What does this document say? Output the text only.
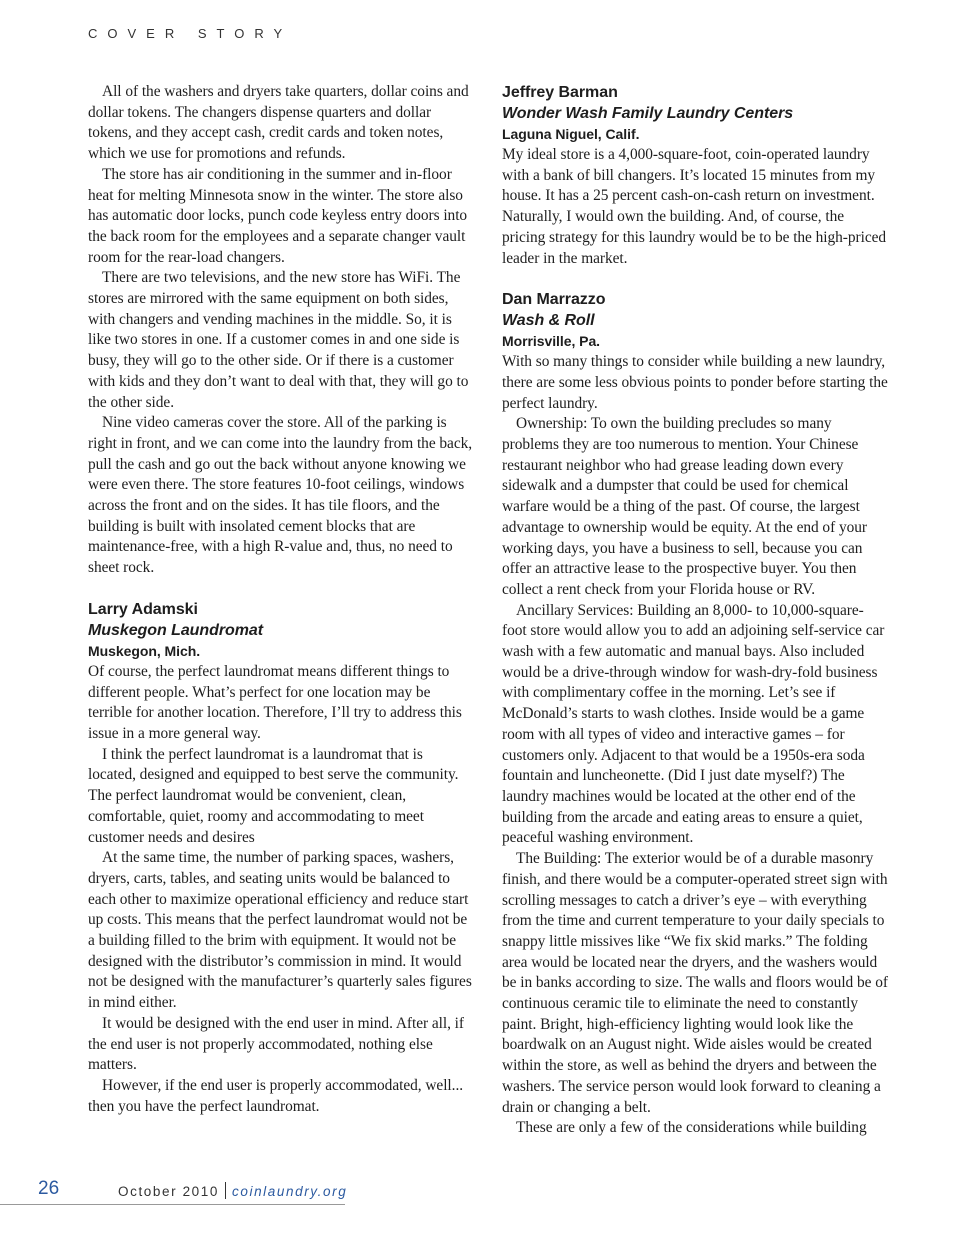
COVER STORY

All of the washers and dryers take quarters, dollar coins and dollar tokens. The changers dispense quarters and dollar tokens, and they accept cash, credit cards and token notes, which we use for promotions and refunds.

The store has air conditioning in the summer and in-floor heat for melting Minnesota snow in the winter. The store also has automatic door locks, punch code keyless entry doors into the back room for the employees and a separate changer vault room for the rear-load changers.

There are two televisions, and the new store has WiFi. The stores are mirrored with the same equipment on both sides, with changers and vending machines in the middle. So, it is like two stores in one. If a customer comes in and one side is busy, they will go to the other side. Or if there is a customer with kids and they don’t want to deal with that, they will go to the other side.

Nine video cameras cover the store. All of the parking is right in front, and we can come into the laundry from the back, pull the cash and go out the back without anyone knowing we were even there. The store features 10-foot ceilings, windows across the front and on the sides. It has tile floors, and the building is built with insolated cement blocks that are maintenance-free, with a high R-value and, thus, no need to sheet rock.

Larry Adamski
Muskegon Laundromat
Muskegon, Mich.

Of course, the perfect laundromat means different things to different people. What’s perfect for one location may be terrible for another location. Therefore, I’ll try to address this issue in a more general way.

I think the perfect laundromat is a laundromat that is located, designed and equipped to best serve the community. The perfect laundromat would be convenient, clean, comfortable, quiet, roomy and accommodating to meet customer needs and desires

At the same time, the number of parking spaces, washers, dryers, carts, tables, and seating units would be balanced to each other to maximize operational efficiency and reduce start up costs. This means that the perfect laundromat would not be a building filled to the brim with equipment. It would not be designed with the distributor’s commission in mind. It would not be designed with the manufacturer’s quarterly sales figures in mind either.

It would be designed with the end user in mind. After all, if the end user is not properly accommodated, nothing else matters.

However, if the end user is properly accommodated, well... then you have the perfect laundromat.

Jeffrey Barman
Wonder Wash Family Laundry Centers
Laguna Niguel, Calif.

My ideal store is a 4,000-square-foot, coin-operated laundry with a bank of bill changers. It’s located 15 minutes from my house. It has a 25 percent cash-on-cash return on investment. Naturally, I would own the building. And, of course, the pricing strategy for this laundry would be to be the high-priced leader in the market.

Dan Marrazzo
Wash & Roll
Morrisville, Pa.

With so many things to consider while building a new laundry, there are some less obvious points to ponder before starting the perfect laundry.

Ownership: To own the building precludes so many problems they are too numerous to mention. Your Chinese restaurant neighbor who had grease leading down every sidewalk and a dumpster that could be used for chemical warfare would be a thing of the past. Of course, the largest advantage to ownership would be equity. At the end of your working days, you have a business to sell, because you can offer an attractive lease to the prospective buyer. You then collect a rent check from your Florida house or RV.

Ancillary Services: Building an 8,000- to 10,000-square-foot store would allow you to add an adjoining self-service car wash with a few automatic and manual bays. Also included would be a drive-through window for wash-dry-fold business with complimentary coffee in the morning. Let’s see if McDonald’s starts to wash clothes. Inside would be a game room with all types of video and interactive games – for customers only. Adjacent to that would be a 1950s-era soda fountain and luncheonette. (Did I just date myself?) The laundry machines would be located at the other end of the building from the arcade and eating areas to ensure a quiet, peaceful washing environment.

The Building: The exterior would be of a durable masonry finish, and there would be a computer-operated street sign with scrolling messages to catch a driver’s eye – with everything from the time and current temperature to your daily specials to snappy little missives like “We fix skid marks.” The folding area would be located near the dryers, and the washers would be in banks according to size. The walls and floors would be of continuous ceramic tile to eliminate the need to constantly paint. Bright, high-efficiency lighting would look like the boardwalk on an August night. Wide aisles would be created within the store, as well as behind the dryers and between the washers. The service person would look forward to cleaning a drain or changing a belt.

These are only a few of the considerations while building

26	October 2010 coinlaundry.org
